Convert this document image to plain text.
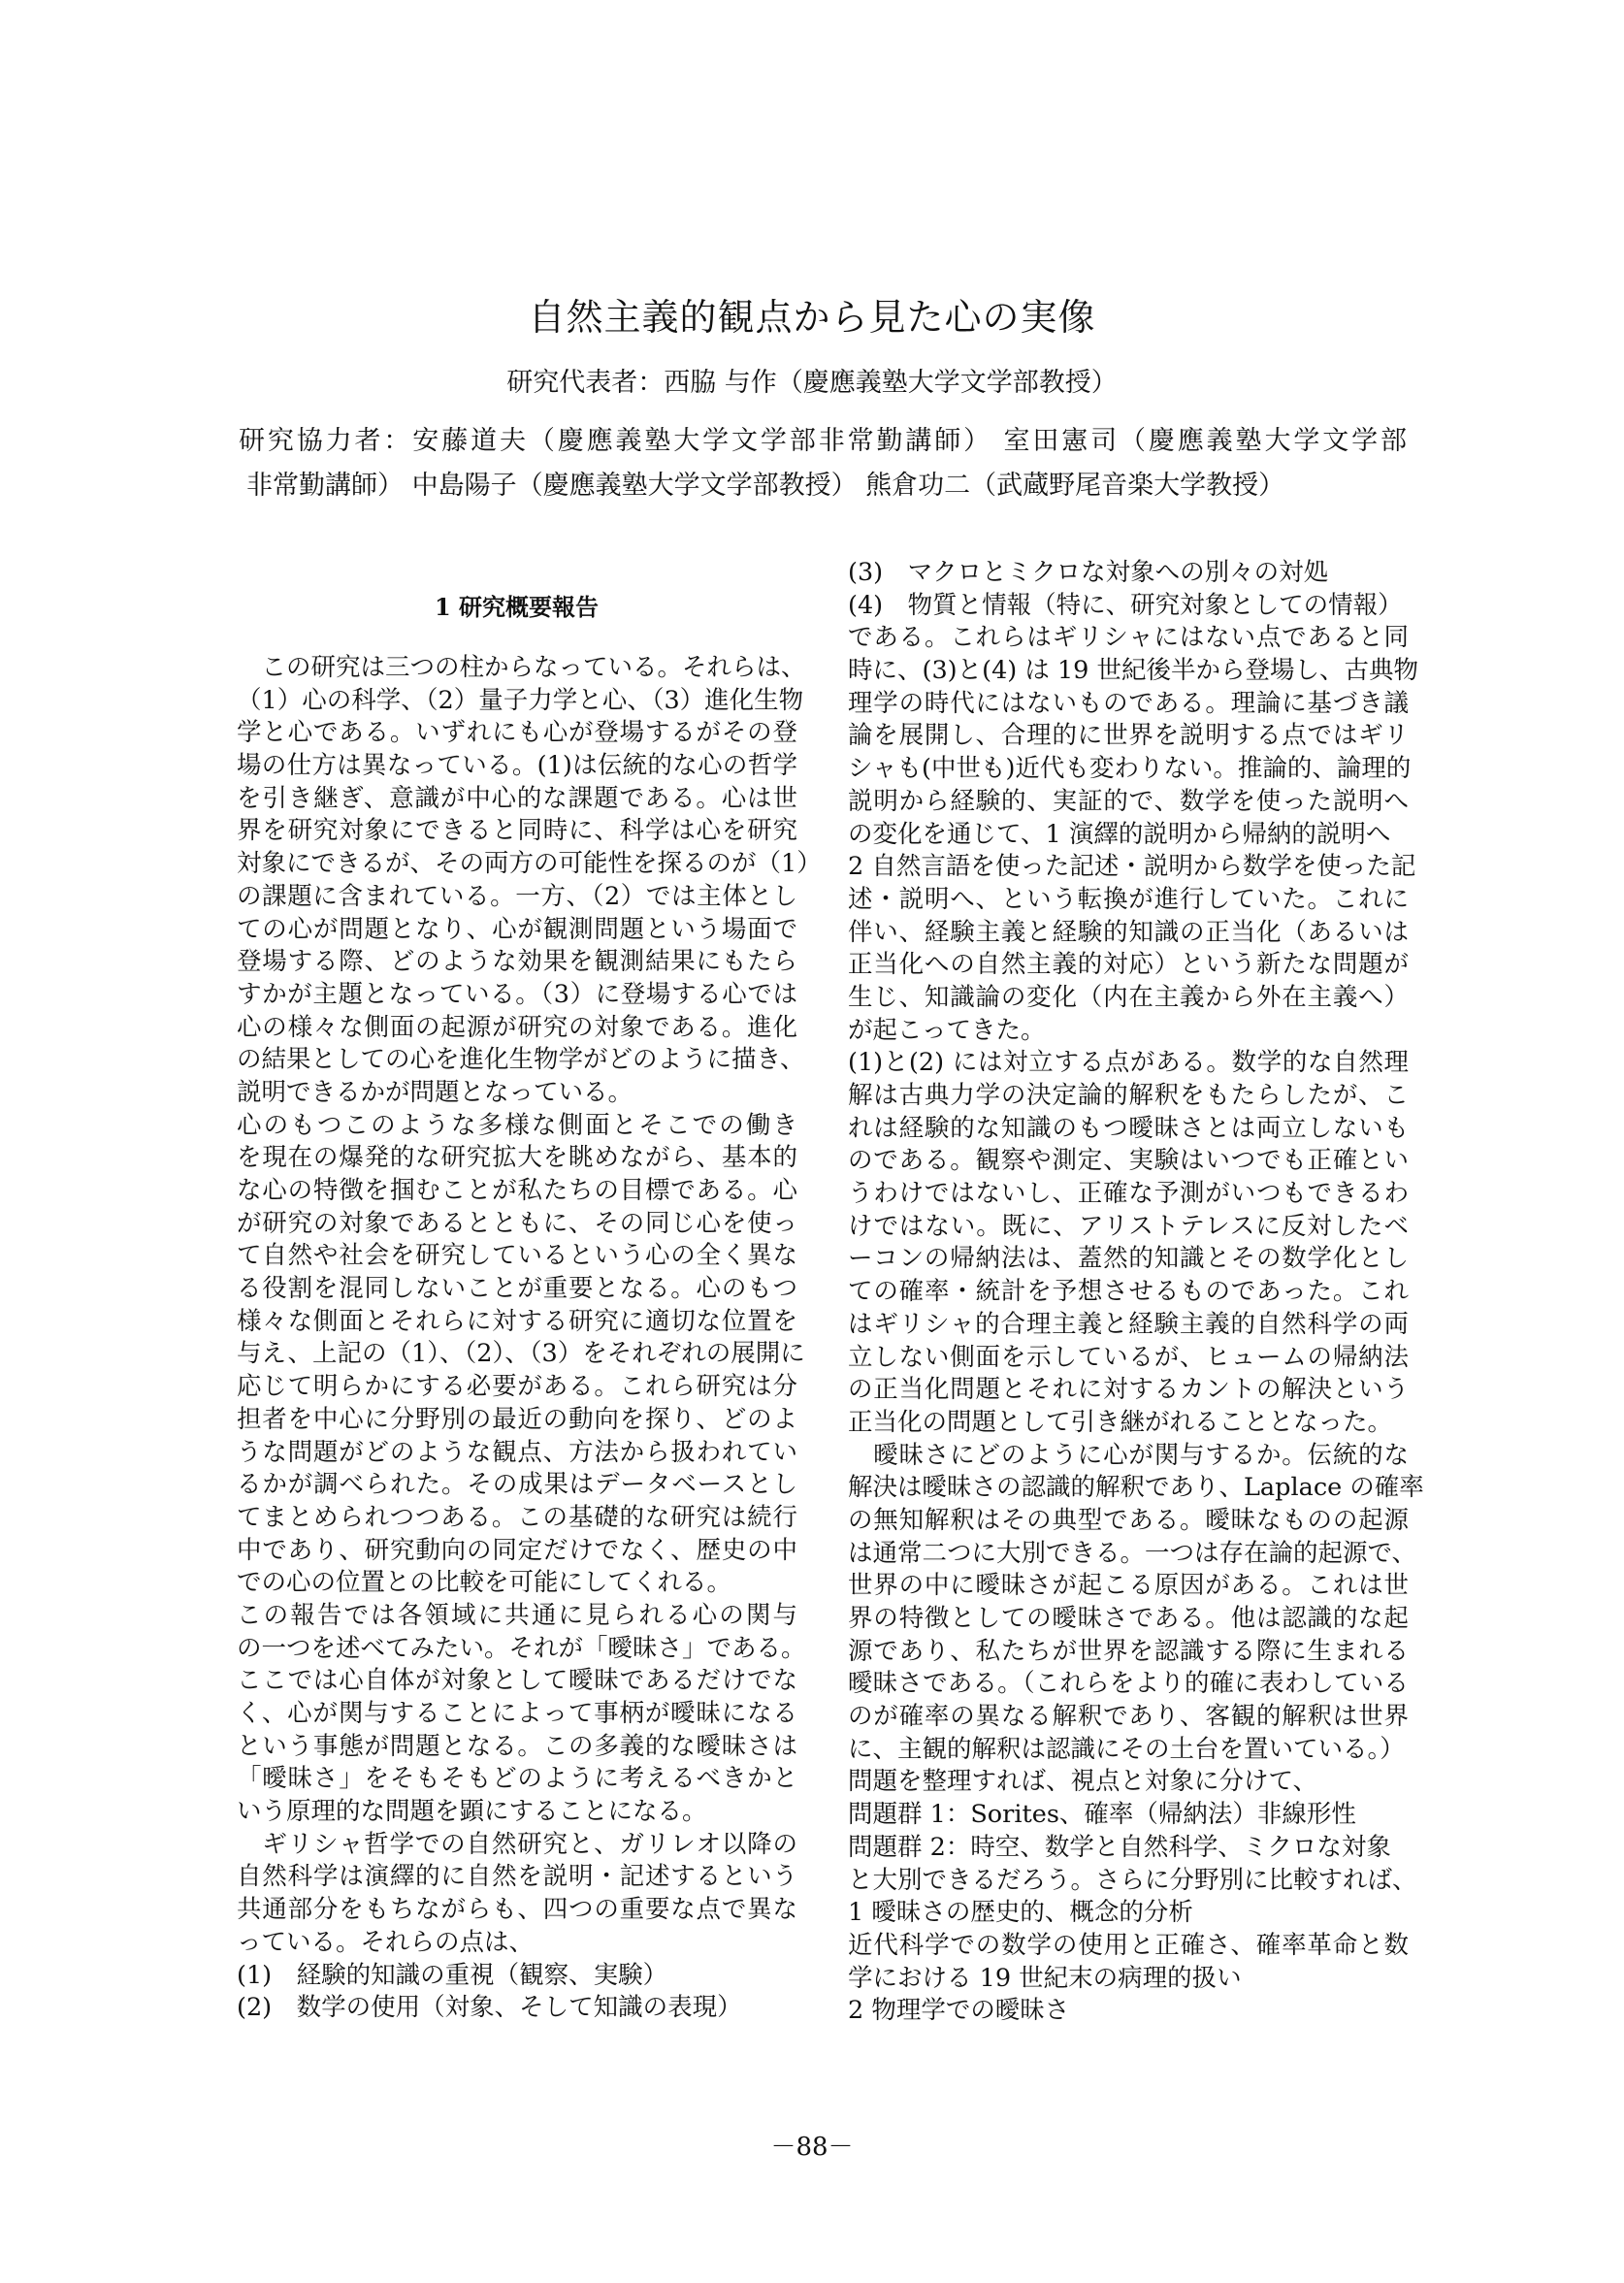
自然主義的観点から見た心の実像
研究代表者：西脇 与作（慶應義塾大学文学部教授）
研究協力者：安藤道夫（慶應義塾大学文学部非常勤講師） 室田憲司（慶應義塾大学文学部
非常勤講師） 中島陽子（慶應義塾大学文学部教授） 熊倉功二（武蔵野尾音楽大学教授）
1 研究概要報告
　この研究は三つの柱からなっている。それらは、
（1）心の科学、（2）量子力学と心、（3）進化生物
学と心である。いずれにも心が登場するがその登
場の仕方は異なっている。(1)は伝統的な心の哲学
を引き継ぎ、意識が中心的な課題である。心は世
界を研究対象にできると同時に、科学は心を研究
対象にできるが、その両方の可能性を探るのが（1）
の課題に含まれている。一方、（2）では主体とし
ての心が問題となり、心が観測問題という場面で
登場する際、どのような効果を観測結果にもたら
すかが主題となっている。（3）に登場する心では
心の様々な側面の起源が研究の対象である。進化
の結果としての心を進化生物学がどのように描き、
説明できるかが問題となっている。
心のもつこのような多様な側面とそこでの働き
を現在の爆発的な研究拡大を眺めながら、基本的
な心の特徴を掴むことが私たちの目標である。心
が研究の対象であるとともに、その同じ心を使っ
て自然や社会を研究しているという心の全く異な
る役割を混同しないことが重要となる。心のもつ
様々な側面とそれらに対する研究に適切な位置を
与え、上記の（1）、（2）、（3）をそれぞれの展開に
応じて明らかにする必要がある。これら研究は分
担者を中心に分野別の最近の動向を探り、どのよ
うな問題がどのような観点、方法から扱われてい
るかが調べられた。その成果はデータベースとし
てまとめられつつある。この基礎的な研究は続行
中であり、研究動向の同定だけでなく、歴史の中
での心の位置との比較を可能にしてくれる。
この報告では各領域に共通に見られる心の関与
の一つを述べてみたい。それが「曖昧さ」である。
ここでは心自体が対象として曖昧であるだけでな
く、心が関与することによって事柄が曖昧になる
という事態が問題となる。この多義的な曖昧さは
「曖昧さ」をそもそもどのように考えるべきかと
いう原理的な問題を顕にすることになる。
　ギリシャ哲学での自然研究と、ガリレオ以降の
自然科学は演繹的に自然を説明・記述するという
共通部分をもちながらも、四つの重要な点で異な
っている。それらの点は、
(1)　経験的知識の重視（観察、実験）
(2)　数学の使用（対象、そして知識の表現）
(3)　マクロとミクロな対象への別々の対処
(4)　物質と情報（特に、研究対象としての情報）
である。これらはギリシャにはない点であると同
時に、(3)と(4) は 19 世紀後半から登場し、古典物
理学の時代にはないものである。理論に基づき議
論を展開し、合理的に世界を説明する点ではギリ
シャも(中世も)近代も変わりない。推論的、論理的
説明から経験的、実証的で、数学を使った説明へ
の変化を通じて、1 演繹的説明から帰納的説明へ
2 自然言語を使った記述・説明から数学を使った記
述・説明へ、という転換が進行していた。これに
伴い、経験主義と経験的知識の正当化（あるいは
正当化への自然主義的対応）という新たな問題が
生じ、知識論の変化（内在主義から外在主義へ）
が起こってきた。
(1)と(2) には対立する点がある。数学的な自然理
解は古典力学の決定論的解釈をもたらしたが、こ
れは経験的な知識のもつ曖昧さとは両立しないも
のである。観察や測定、実験はいつでも正確とい
うわけではないし、正確な予測がいつもできるわ
けではない。既に、アリストテレスに反対したベ
ーコンの帰納法は、蓋然的知識とその数学化とし
ての確率・統計を予想させるものであった。これ
はギリシャ的合理主義と経験主義的自然科学の両
立しない側面を示しているが、ヒュームの帰納法
の正当化問題とそれに対するカントの解決という
正当化の問題として引き継がれることとなった。
　曖昧さにどのように心が関与するか。伝統的な
解決は曖昧さの認識的解釈であり、Laplace の確率
の無知解釈はその典型である。曖昧なものの起源
は通常二つに大別できる。一つは存在論的起源で、
世界の中に曖昧さが起こる原因がある。これは世
界の特徴としての曖昧さである。他は認識的な起
源であり、私たちが世界を認識する際に生まれる
曖昧さである。（これらをより的確に表わしている
のが確率の異なる解釈であり、客観的解釈は世界
に、主観的解釈は認識にその土台を置いている。）
問題を整理すれば、視点と対象に分けて、
問題群 1：Sorites、確率（帰納法）非線形性
問題群 2：時空、数学と自然科学、ミクロな対象
と大別できるだろう。さらに分野別に比較すれば、
1 曖昧さの歴史的、概念的分析
近代科学での数学の使用と正確さ、確率革命と数
学における 19 世紀末の病理的扱い
2 物理学での曖昧さ
－88－
